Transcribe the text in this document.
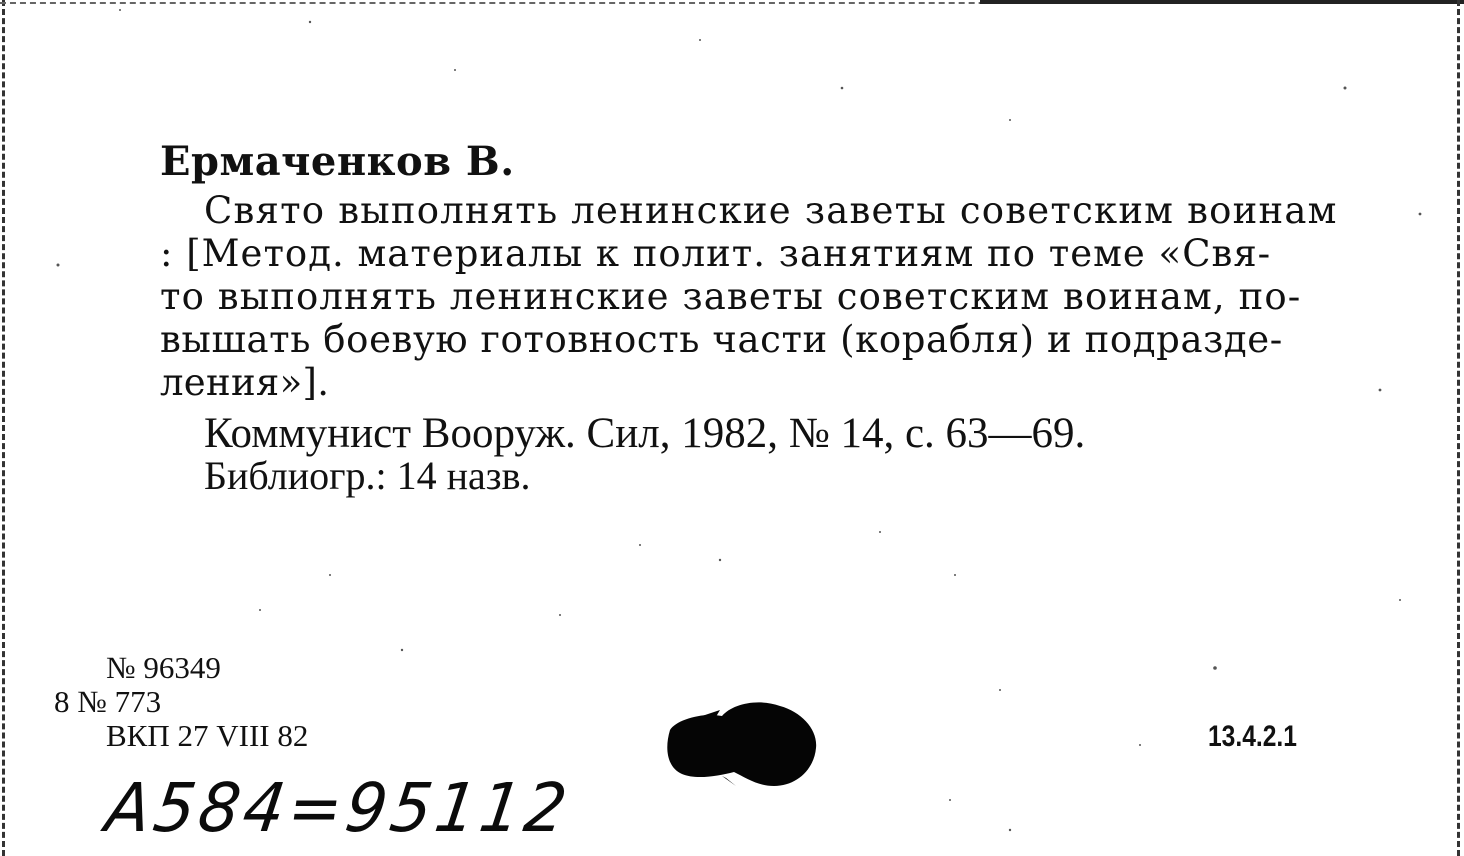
Ермаченков В.
Свято выполнять ленинские заветы советским воинам
: [Метод. материалы к полит. занятиям по теме «Свя-
то выполнять ленинские заветы советским воинам, по-
вышать боевую готовность части (корабля) и подразде-
ления»].
Коммунист Вооруж. Сил, 1982, № 14, с. 63—69.
Библиогр.: 14 назв.
№ 96349
8 № 773
ВКП 27 VIII 82	13.4.2.1
А584=95112
